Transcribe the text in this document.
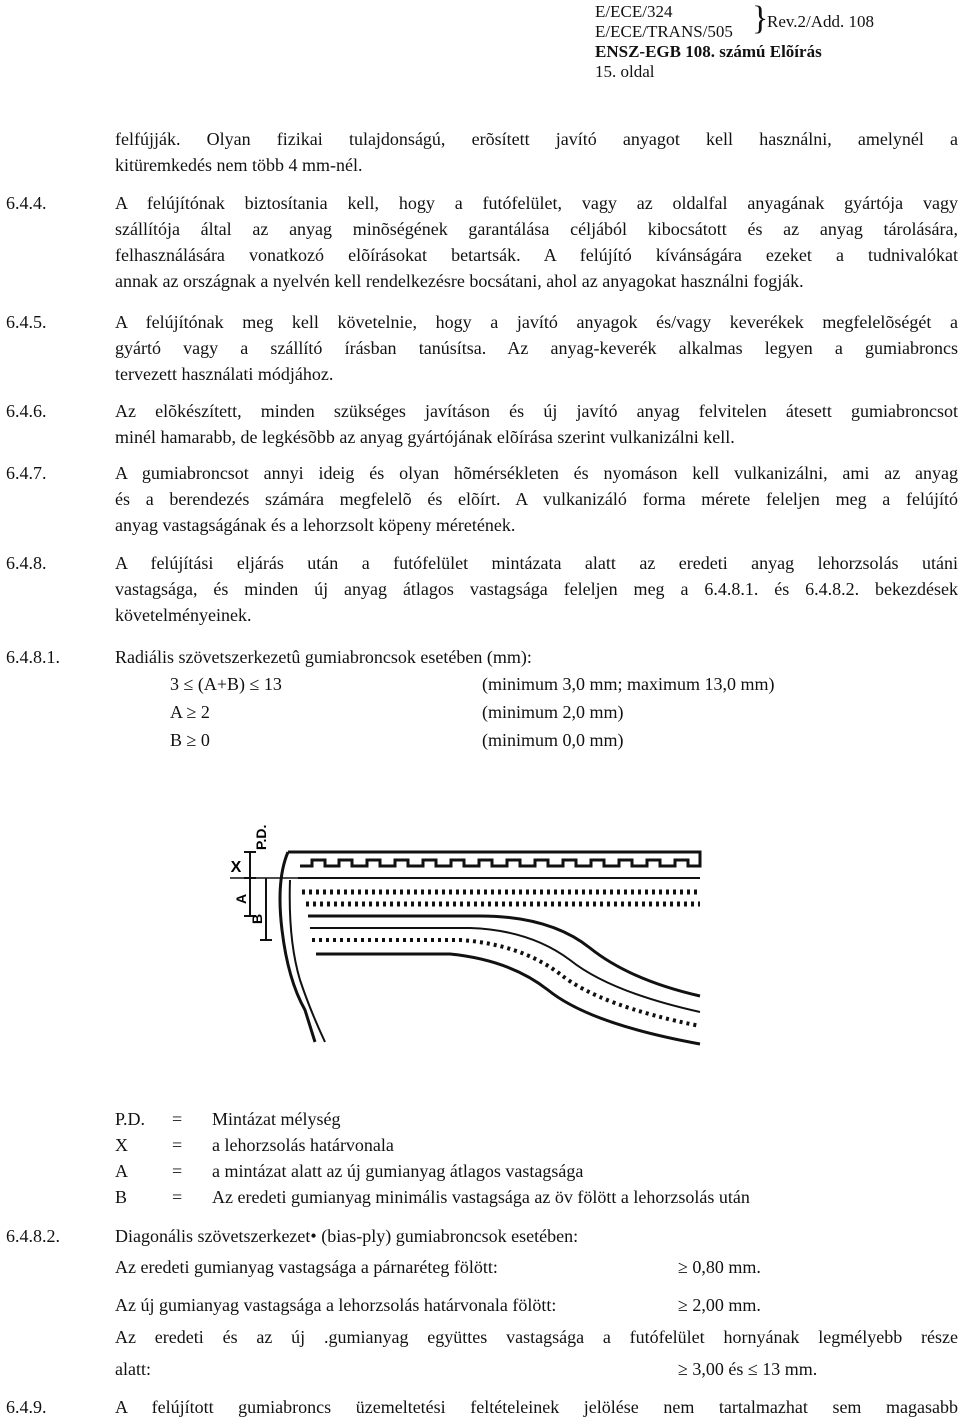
E/ECE/324
E/ECE/TRANS/505 }
Rev.2/Add. 108
ENSZ-EGB 108. számú Elõírás
15. oldal
felfújják. Olyan fizikai tulajdonságú, erõsített javító anyagot kell használni, amelynél a
kitüremkedés nem több 4 mm-nél.
6.4.4.	A felújítónak biztosítania kell, hogy a futófelület, vagy az oldalfal anyagának gyártója vagy
szállítója által az anyag minõségének garantálása céljából kibocsátott és az anyag tárolására,
felhasználására vonatkozó elõírásokat betartsák. A felújító kívánságára ezeket a tudnivalókat
annak az országnak a nyelvén kell rendelkezésre bocsátani, ahol az anyagokat használni fogják.
6.4.5.	A felújítónak meg kell követelnie, hogy a javító anyagok és/vagy keverékek megfelelõségét a
gyártó vagy a szállító írásban tanúsítsa. Az anyag-keverék alkalmas legyen a gumiabroncs
tervezett használati módjához.
6.4.6.	Az elõkészített, minden szükséges javításon és új javító anyag felvitelen átesett gumiabroncsot
minél hamarabb, de legkésõbb az anyag gyártójának elõírása szerint vulkanizálni kell.
6.4.7.	A gumiabroncsot annyi ideig és olyan hõmérsékleten és nyomáson kell vulkanizálni, ami az anyag
és a berendezés számára megfelelõ és elõírt. A vulkanizáló forma mérete feleljen meg a felújító
anyag vastagságának és a lehorzsolt köpeny méretének.
6.4.8.	A felújítási eljárás után a futófelület mintázata alatt az eredeti anyag lehorzsolás utáni
vastagsága, és minden új anyag átlagos vastagsága feleljen meg a 6.4.8.1. és 6.4.8.2. bekezdések
követelményeinek.
6.4.8.1.	Radiális szövetszerkezetû gumiabroncsok esetében (mm):
3 ≤ (A+B) ≤ 13	(minimum 3,0 mm; maximum 13,0 mm)
A ≥ 2	(minimum 2,0 mm)
B ≥ 0	(minimum 0,0 mm)
X
P.D.
A
B
P.D. = Mintázat mélység
X = a lehorzsolás határvonala
A = a mintázat alatt az új gumianyag átlagos vastagsága
B = Az eredeti gumianyag minimális vastagsága az öv fölött a lehorzsolás után
6.4.8.2.	Diagonális szövetszerkezet• (bias-ply) gumiabroncsok esetében:
Az eredeti gumianyag vastagsága a párnaréteg fölött:	≥ 0,80 mm.
Az új gumianyag vastagsága a lehorzsolás határvonala fölött:	≥ 2,00 mm.
Az eredeti és az új .gumianyag együttes vastagsága a futófelület hornyának legmélyebb része
alatt:	≥ 3,00 és ≤ 13 mm.
6.4.9.	A felújított gumiabroncs üzemeltetési feltételeinek jelölése nem tartalmazhat sem magasabb
